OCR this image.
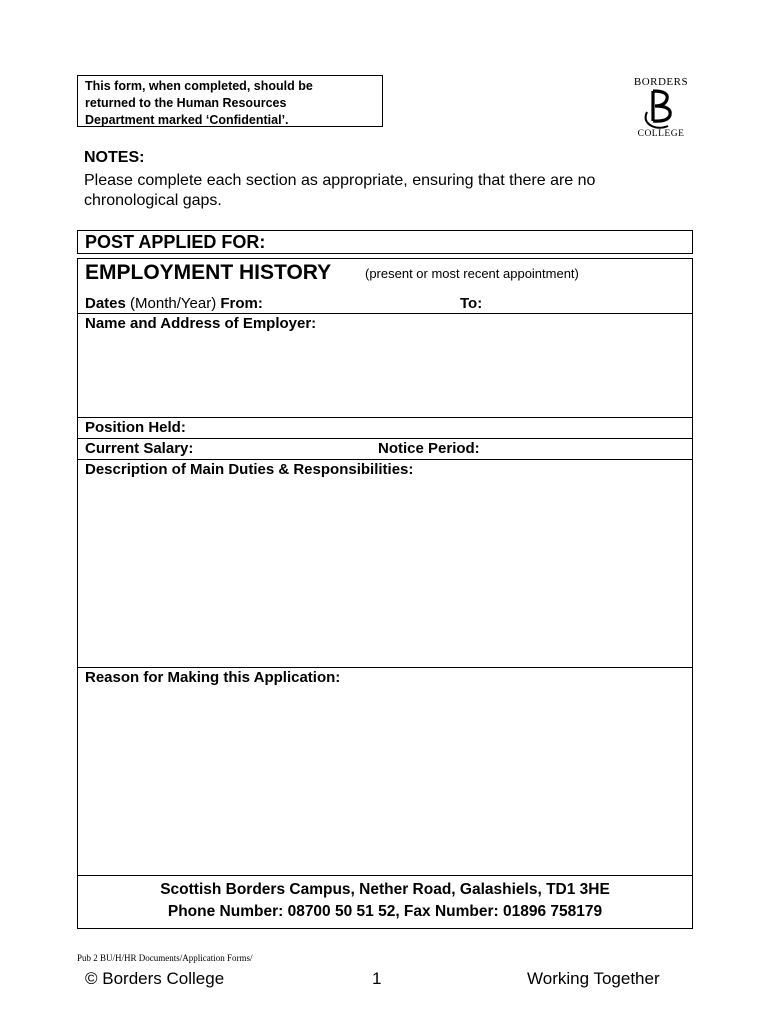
This form, when completed, should be
returned to the Human Resources
Department marked ‘Confidential’.
BORDERS
COLLEGE
NOTES:
Please complete each section as appropriate, ensuring that there are no
chronological gaps.
POST APPLIED FOR:
EMPLOYMENT HISTORY	(present or most recent appointment)
Dates (Month/Year) From:	To:
Name and Address of Employer:
Position Held:
Current Salary:	Notice Period:
Description of Main Duties & Responsibilities:
Reason for Making this Application:
Scottish Borders Campus, Nether Road, Galashiels, TD1 3HE
Phone Number: 08700 50 51 52, Fax Number: 01896 758179
Pub 2 BU/H/HR Documents/Application Forms/
© Borders College	1	Working Together
